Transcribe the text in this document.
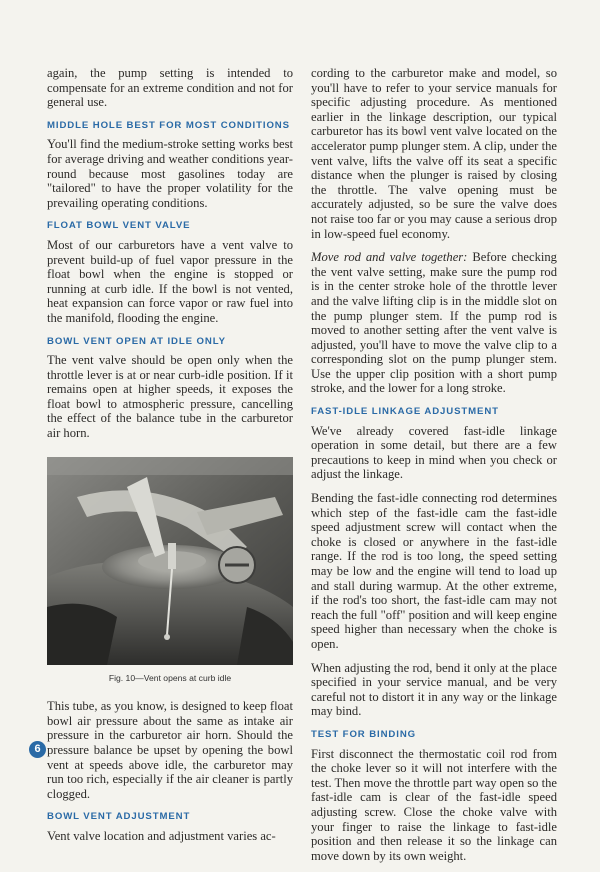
again, the pump setting is intended to compensate for an extreme condition and not for general use.

MIDDLE HOLE BEST FOR MOST CONDITIONS

You'll find the medium-stroke setting works best for average driving and weather conditions year-round because most gasolines today are "tailored" to have the proper volatility for the prevailing operating conditions.

FLOAT BOWL VENT VALVE

Most of our carburetors have a vent valve to prevent build-up of fuel vapor pressure in the float bowl when the engine is stopped or running at curb idle. If the bowl is not vented, heat expansion can force vapor or raw fuel into the manifold, flooding the engine.

BOWL VENT OPEN AT IDLE ONLY

The vent valve should be open only when the throttle lever is at or near curb-idle position. If it remains open at higher speeds, it exposes the float bowl to atmospheric pressure, cancelling the effect of the balance tube in the carburetor air horn.

Fig. 10—Vent opens at curb idle

This tube, as you know, is designed to keep float bowl air pressure about the same as intake air pressure in the carburetor air horn. Should the pressure balance be upset by opening the bowl vent at speeds above idle, the carburetor may run too rich, especially if the air cleaner is partly clogged.

BOWL VENT ADJUSTMENT

Vent valve location and adjustment varies ac-

cording to the carburetor make and model, so you'll have to refer to your service manuals for specific adjusting procedure. As mentioned earlier in the linkage description, our typical carburetor has its bowl vent valve located on the accelerator pump plunger stem. A clip, under the vent valve, lifts the valve off its seat a specific distance when the plunger is raised by closing the throttle. The valve opening must be accurately adjusted, so be sure the valve does not raise too far or you may cause a serious drop in low-speed fuel economy.

Move rod and valve together: Before checking the vent valve setting, make sure the pump rod is in the center stroke hole of the throttle lever and the valve lifting clip is in the middle slot on the pump plunger stem. If the pump rod is moved to another setting after the vent valve is adjusted, you'll have to move the valve clip to a corresponding slot on the pump plunger stem. Use the upper clip position with a short pump stroke, and the lower for a long stroke.

FAST-IDLE LINKAGE ADJUSTMENT

We've already covered fast-idle linkage operation in some detail, but there are a few precautions to keep in mind when you check or adjust the linkage.

Bending the fast-idle connecting rod determines which step of the fast-idle cam the fast-idle speed adjustment screw will contact when the choke is closed or anywhere in the fast-idle range. If the rod is too long, the speed setting may be low and the engine will tend to load up and stall during warmup. At the other extreme, if the rod's too short, the fast-idle cam may not reach the full "off" position and will keep engine speed higher than necessary when the choke is open.

When adjusting the rod, bend it only at the place specified in your service manual, and be very careful not to distort it in any way or the linkage may bind.

TEST FOR BINDING

First disconnect the thermostatic coil rod from the choke lever so it will not interfere with the test. Then move the throttle part way open so the fast-idle cam is clear of the fast-idle speed adjusting screw. Close the choke valve with your finger to raise the linkage to fast-idle position and then release it so the linkage can move down by its own weight.

6
